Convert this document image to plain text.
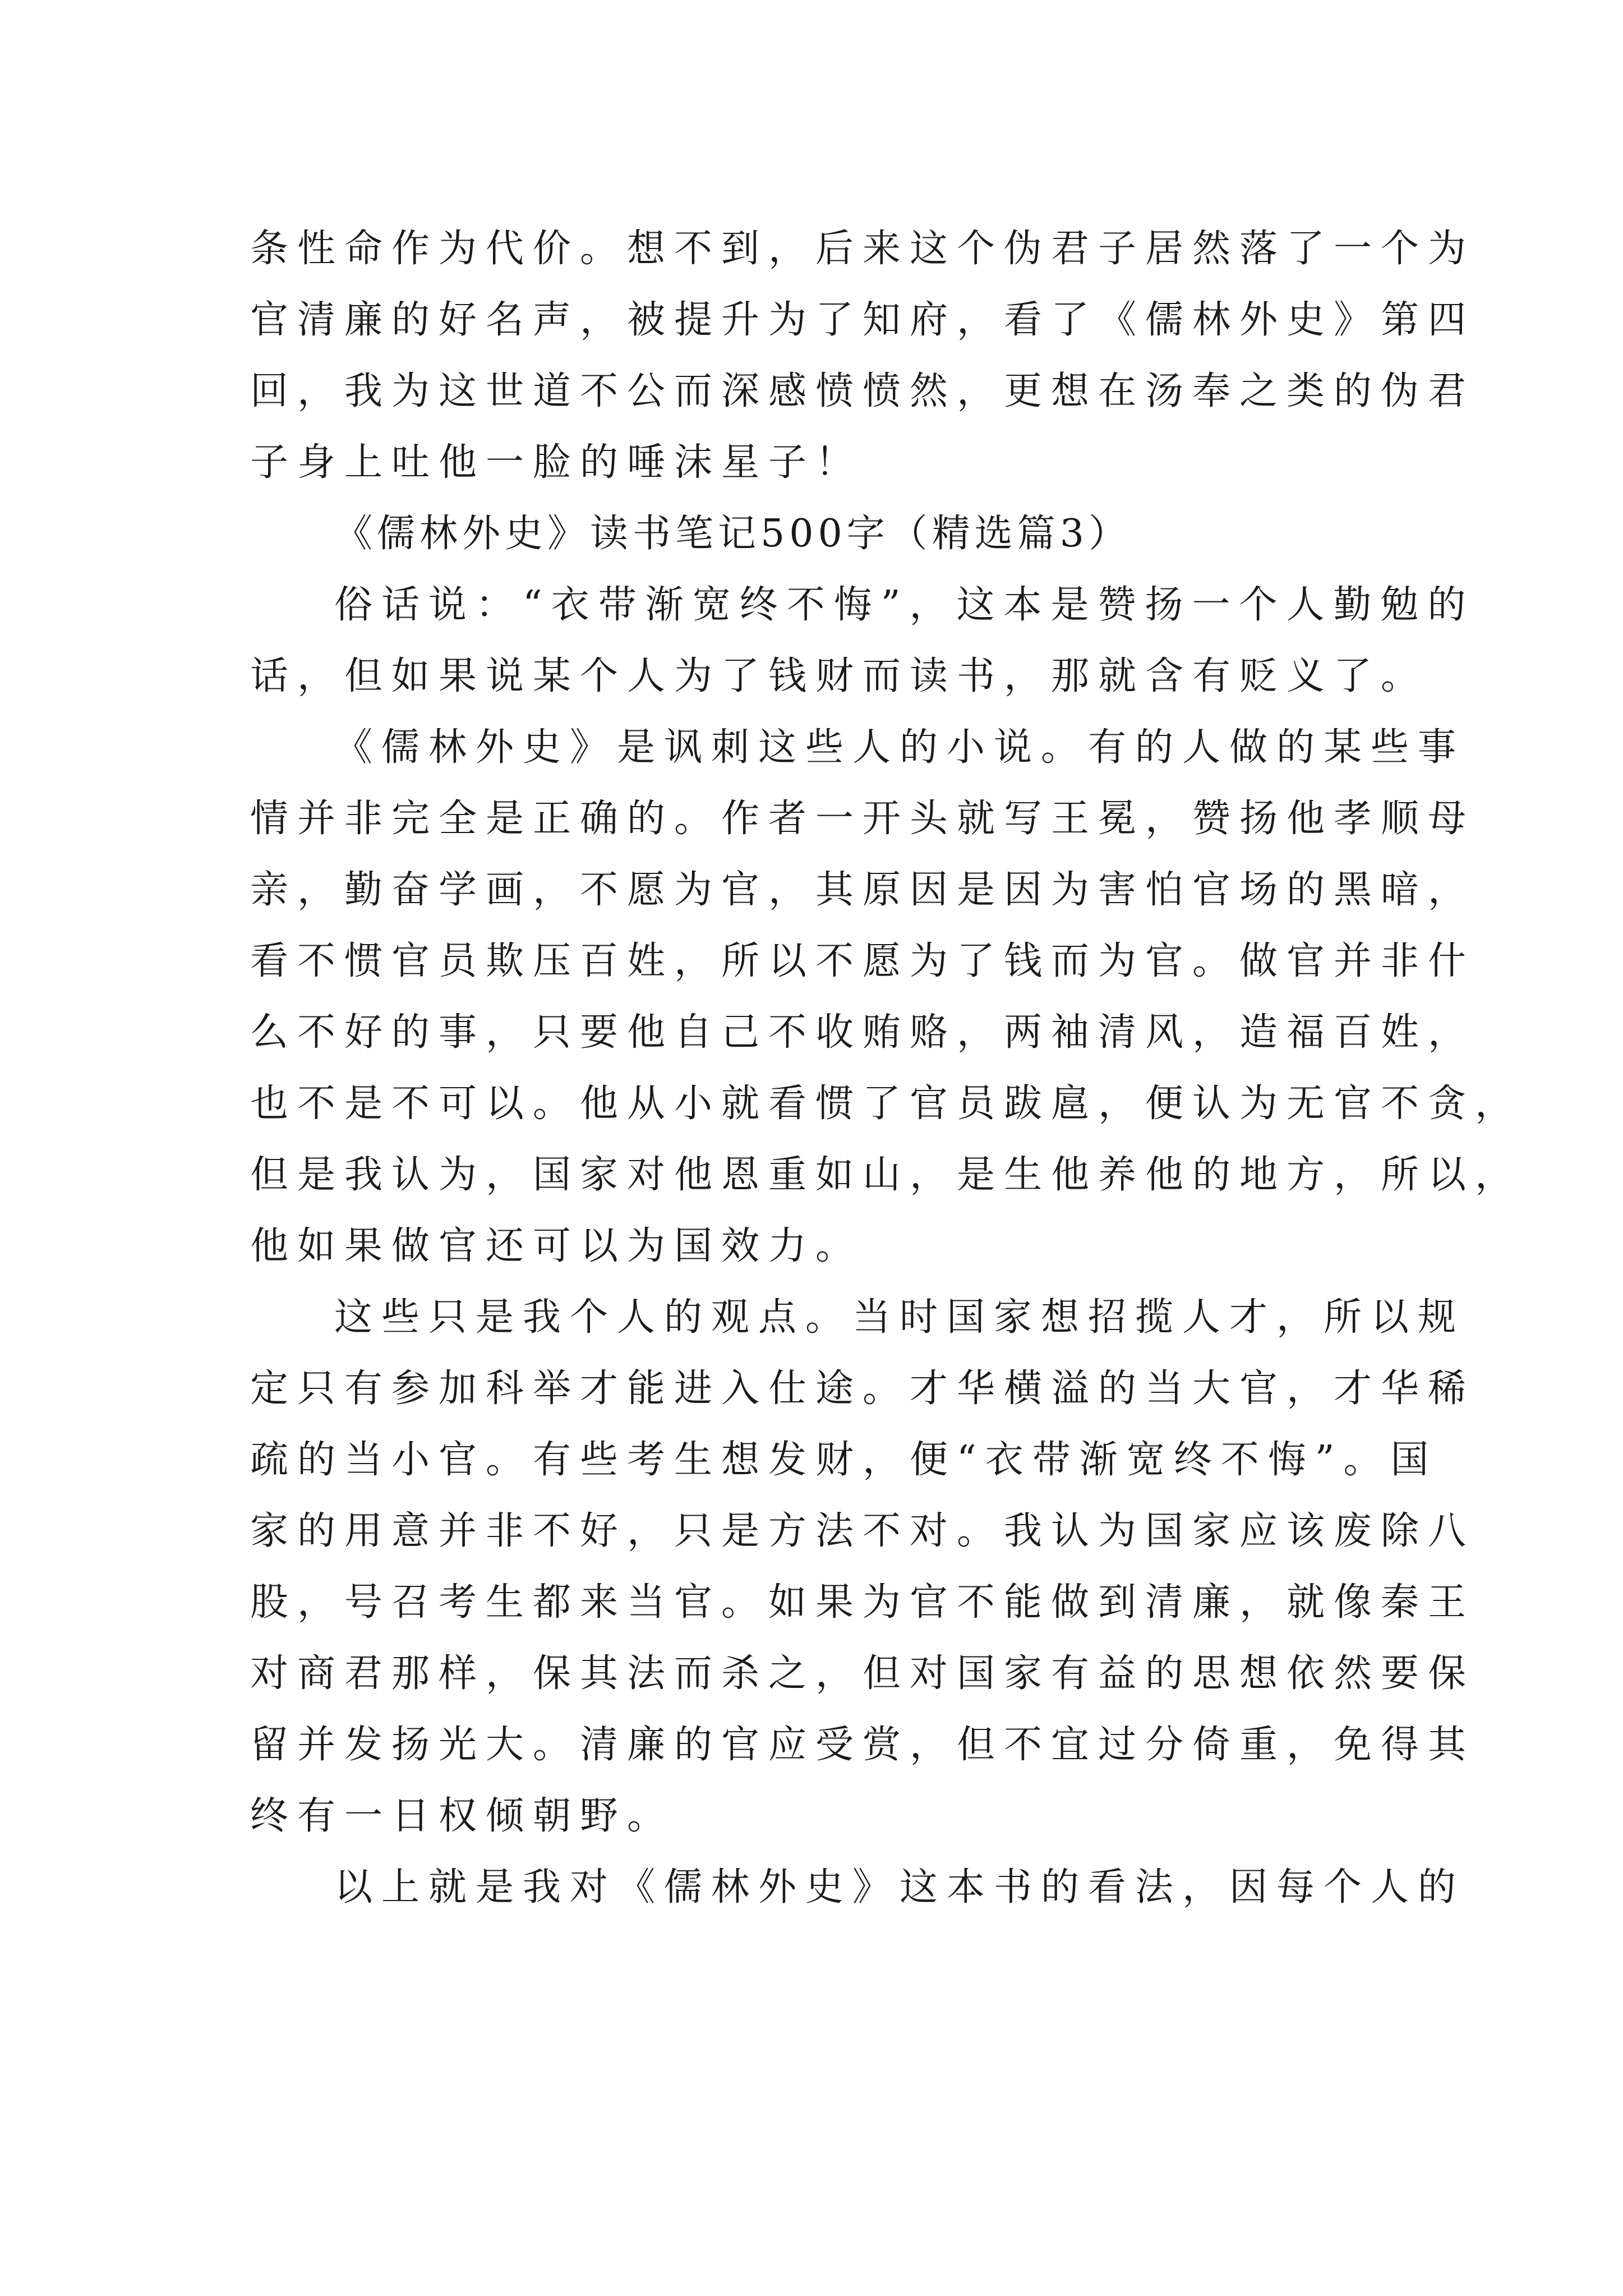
条性命作为代价。想不到，后来这个伪君子居然落了一个为
官清廉的好名声，被提升为了知府，看了《儒林外史》第四
回，我为这世道不公而深感愤愤然，更想在汤奉之类的伪君
子身上吐他一脸的唾沫星子！
《儒林外史》读书笔记500字（精选篇3）
俗话说：“衣带渐宽终不悔”，这本是赞扬一个人勤勉的
话，但如果说某个人为了钱财而读书，那就含有贬义了。
《儒林外史》是讽刺这些人的小说。有的人做的某些事
情并非完全是正确的。作者一开头就写王冕，赞扬他孝顺母
亲，勤奋学画，不愿为官，其原因是因为害怕官场的黑暗，
看不惯官员欺压百姓，所以不愿为了钱而为官。做官并非什
么不好的事，只要他自己不收贿赂，两袖清风，造福百姓，
也不是不可以。他从小就看惯了官员跋扈，便认为无官不贪，
但是我认为，国家对他恩重如山，是生他养他的地方，所以，
他如果做官还可以为国效力。
这些只是我个人的观点。当时国家想招揽人才，所以规
定只有参加科举才能进入仕途。才华横溢的当大官，才华稀
疏的当小官。有些考生想发财，便“衣带渐宽终不悔”。国
家的用意并非不好，只是方法不对。我认为国家应该废除八
股，号召考生都来当官。如果为官不能做到清廉，就像秦王
对商君那样，保其法而杀之，但对国家有益的思想依然要保
留并发扬光大。清廉的官应受赏，但不宜过分倚重，免得其
终有一日权倾朝野。
以上就是我对《儒林外史》这本书的看法，因每个人的
